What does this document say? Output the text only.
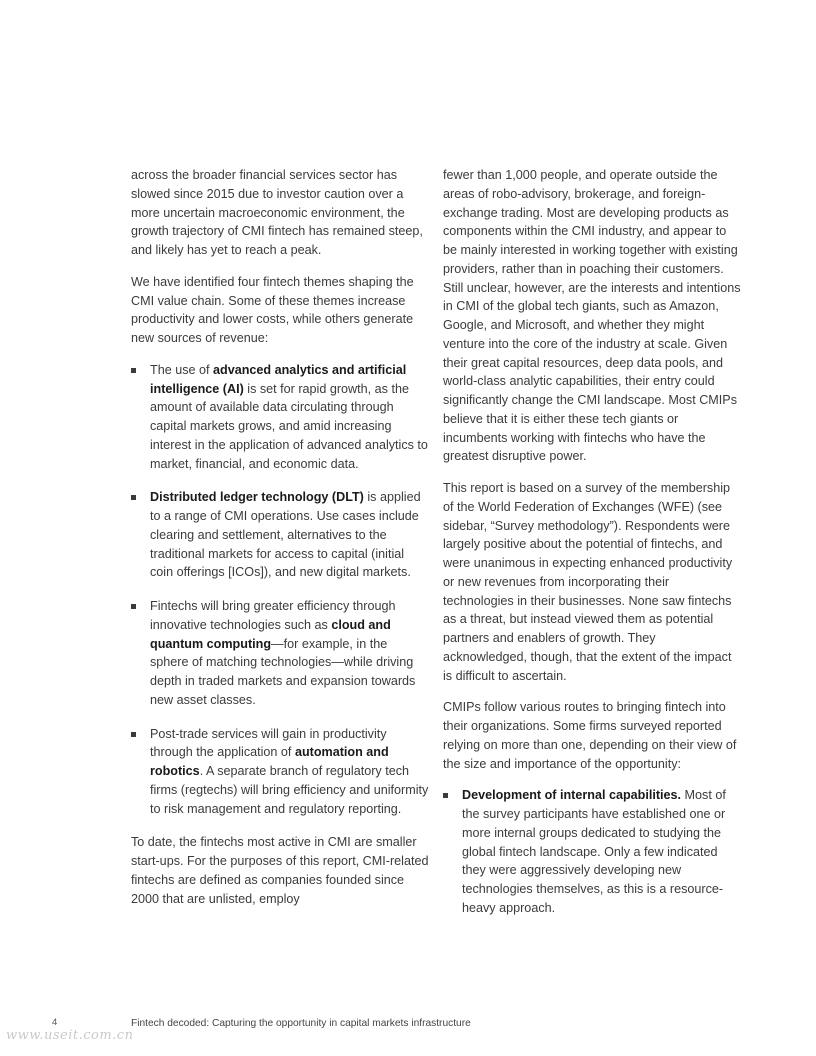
across the broader financial services sector has slowed since 2015 due to investor caution over a more uncertain macroeconomic environment, the growth trajectory of CMI fintech has remained steep, and likely has yet to reach a peak.

We have identified four fintech themes shaping the CMI value chain. Some of these themes increase productivity and lower costs, while others generate new sources of revenue:

The use of advanced analytics and artificial intelligence (AI) is set for rapid growth, as the amount of available data circulating through capital markets grows, and amid increasing interest in the application of advanced analytics to market, financial, and economic data.
Distributed ledger technology (DLT) is applied to a range of CMI operations. Use cases include clearing and settlement, alternatives to the traditional markets for access to capital (initial coin offerings [ICOs]), and new digital markets.
Fintechs will bring greater efficiency through innovative technologies such as cloud and quantum computing—for example, in the sphere of matching technologies—while driving depth in traded markets and expansion towards new asset classes.
Post-trade services will gain in productivity through the application of automation and robotics. A separate branch of regulatory tech firms (regtechs) will bring efficiency and uniformity to risk management and regulatory reporting.

To date, the fintechs most active in CMI are smaller start-ups. For the purposes of this report, CMI-related fintechs are defined as companies founded since 2000 that are unlisted, employ

fewer than 1,000 people, and operate outside the areas of robo-advisory, brokerage, and foreign-exchange trading. Most are developing products as components within the CMI industry, and appear to be mainly interested in working together with existing providers, rather than in poaching their customers. Still unclear, however, are the interests and intentions in CMI of the global tech giants, such as Amazon, Google, and Microsoft, and whether they might venture into the core of the industry at scale. Given their great capital resources, deep data pools, and world-class analytic capabilities, their entry could significantly change the CMI landscape. Most CMIPs believe that it is either these tech giants or incumbents working with fintechs who have the greatest disruptive power.

This report is based on a survey of the membership of the World Federation of Exchanges (WFE) (see sidebar, “Survey methodology”). Respondents were largely positive about the potential of fintechs, and were unanimous in expecting enhanced productivity or new revenues from incorporating their technologies in their businesses. None saw fintechs as a threat, but instead viewed them as potential partners and enablers of growth. They acknowledged, though, that the extent of the impact is difficult to ascertain.

CMIPs follow various routes to bringing fintech into their organizations. Some firms surveyed reported relying on more than one, depending on their view of the size and importance of the opportunity:

Development of internal capabilities. Most of the survey participants have established one or more internal groups dedicated to studying the global fintech landscape. Only a few indicated they were aggressively developing new technologies themselves, as this is a resource-heavy approach.
4	Fintech decoded: Capturing the opportunity in capital markets infrastructure
www.useit.com.cn
